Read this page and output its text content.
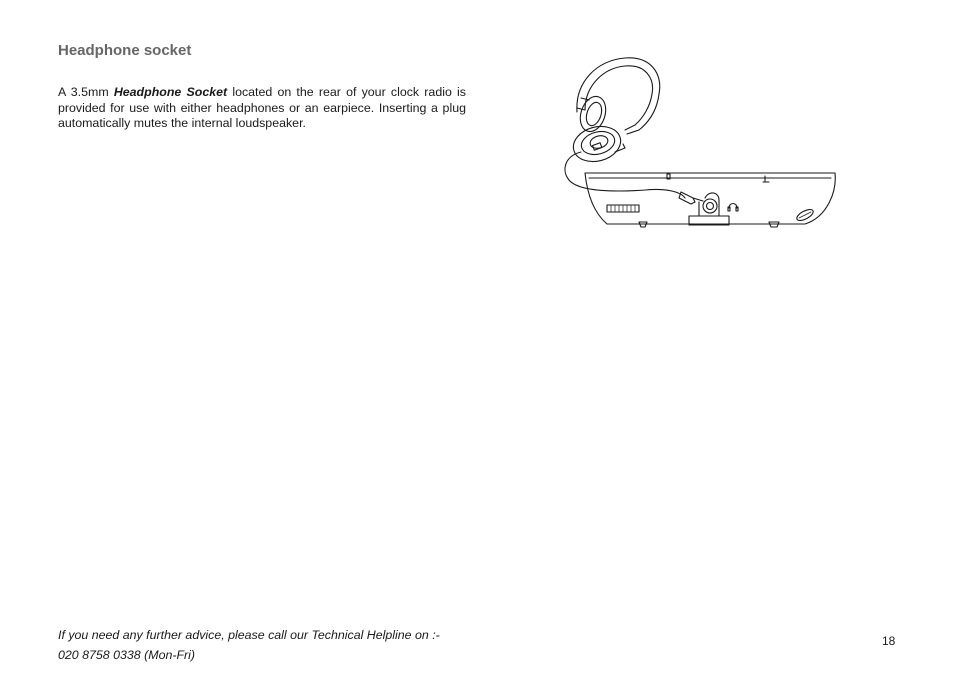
Headphone socket

A 3.5mm Headphone Socket located on the rear of your clock radio is provided for use with either headphones or an earpiece. Inserting a plug automatically mutes the internal loudspeaker.

If you need any further advice, please call our Technical Helpline on :-
020 8758 0338 (Mon-Fri)

18
